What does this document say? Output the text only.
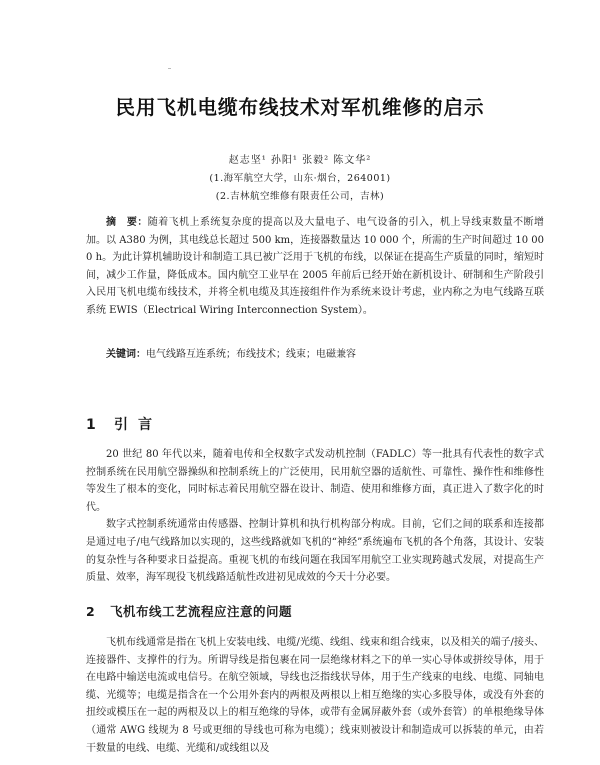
民用飞机电缆布线技术对军机维修的启示
赵志坚¹ 孙阳¹ 张毅² 陈文华²
(1.海军航空大学，山东·烟台，264001)
(2.吉林航空维修有限责任公司，吉林)

摘　要：随着飞机上系统复杂度的提高以及大量电子、电气设备的引入，机上导线束数量不断增加。以 A380 为例，其电线总长超过 500 km，连接器数量达 10 000 个，所需的生产时间超过 10 000 h。为此计算机辅助设计和制造工具已被广泛用于飞机的布线，以保证在提高生产质量的同时，缩短时间，减少工作量，降低成本。国内航空工业早在 2005 年前后已经开始在新机设计、研制和生产阶段引入民用飞机电缆布线技术，并将全机电缆及其连接组件作为系统来设计考虑，业内称之为电气线路互联系统 EWIS（Electrical Wiring Interconnection System）。

关键词：电气线路互连系统；布线技术；线束；电磁兼容

1 引言
20 世纪 80 年代以来，随着电传和全权数字式发动机控制（FADLC）等一批具有代表性的数字式控制系统在民用航空器操纵和控制系统上的广泛使用，民用航空器的适航性、可靠性、操作性和维修性等发生了根本的变化，同时标志着民用航空器在设计、制造、使用和维修方面，真正进入了数字化的时代。
数字式控制系统通常由传感器、控制计算机和执行机构部分构成。目前，它们之间的联系和连接都是通过电子/电气线路加以实现的，这些线路就如飞机的“神经”系统遍布飞机的各个角落，其设计、安装的复杂性与各种要求日益提高。重视飞机的布线问题在我国军用航空工业实现跨越式发展，对提高生产质量、效率，海军现役飞机线路适航性改进初见成效的今天十分必要。
2 飞机布线工艺流程应注意的问题
飞机布线通常是指在飞机上安装电线、电缆/光缆、线组、线束和组合线束，以及相关的端子/接头、连接器件、支撑件的行为。所谓导线是指包裹在同一层绝缘材料之下的单一实心导体或拼绞导体，用于在电路中输送电流或电信号。在航空领域，导线也泛指线状导体，用于生产线束的电线、电缆、同轴电缆、光缆等；电缆是指含在一个公用外套内的两根及两根以上相互绝缘的实心多股导体，或没有外套的扭绞或模压在一起的两根及以上的相互绝缘的导体，或带有金属屏蔽外套（或外套管）的单根绝缘导体（通常 AWG 线规为 8 号或更细的导线也可称为电缆）；线束则被设计和制造成可以拆装的单元，由若干数量的电线、电缆、光缆和/或线组以及
